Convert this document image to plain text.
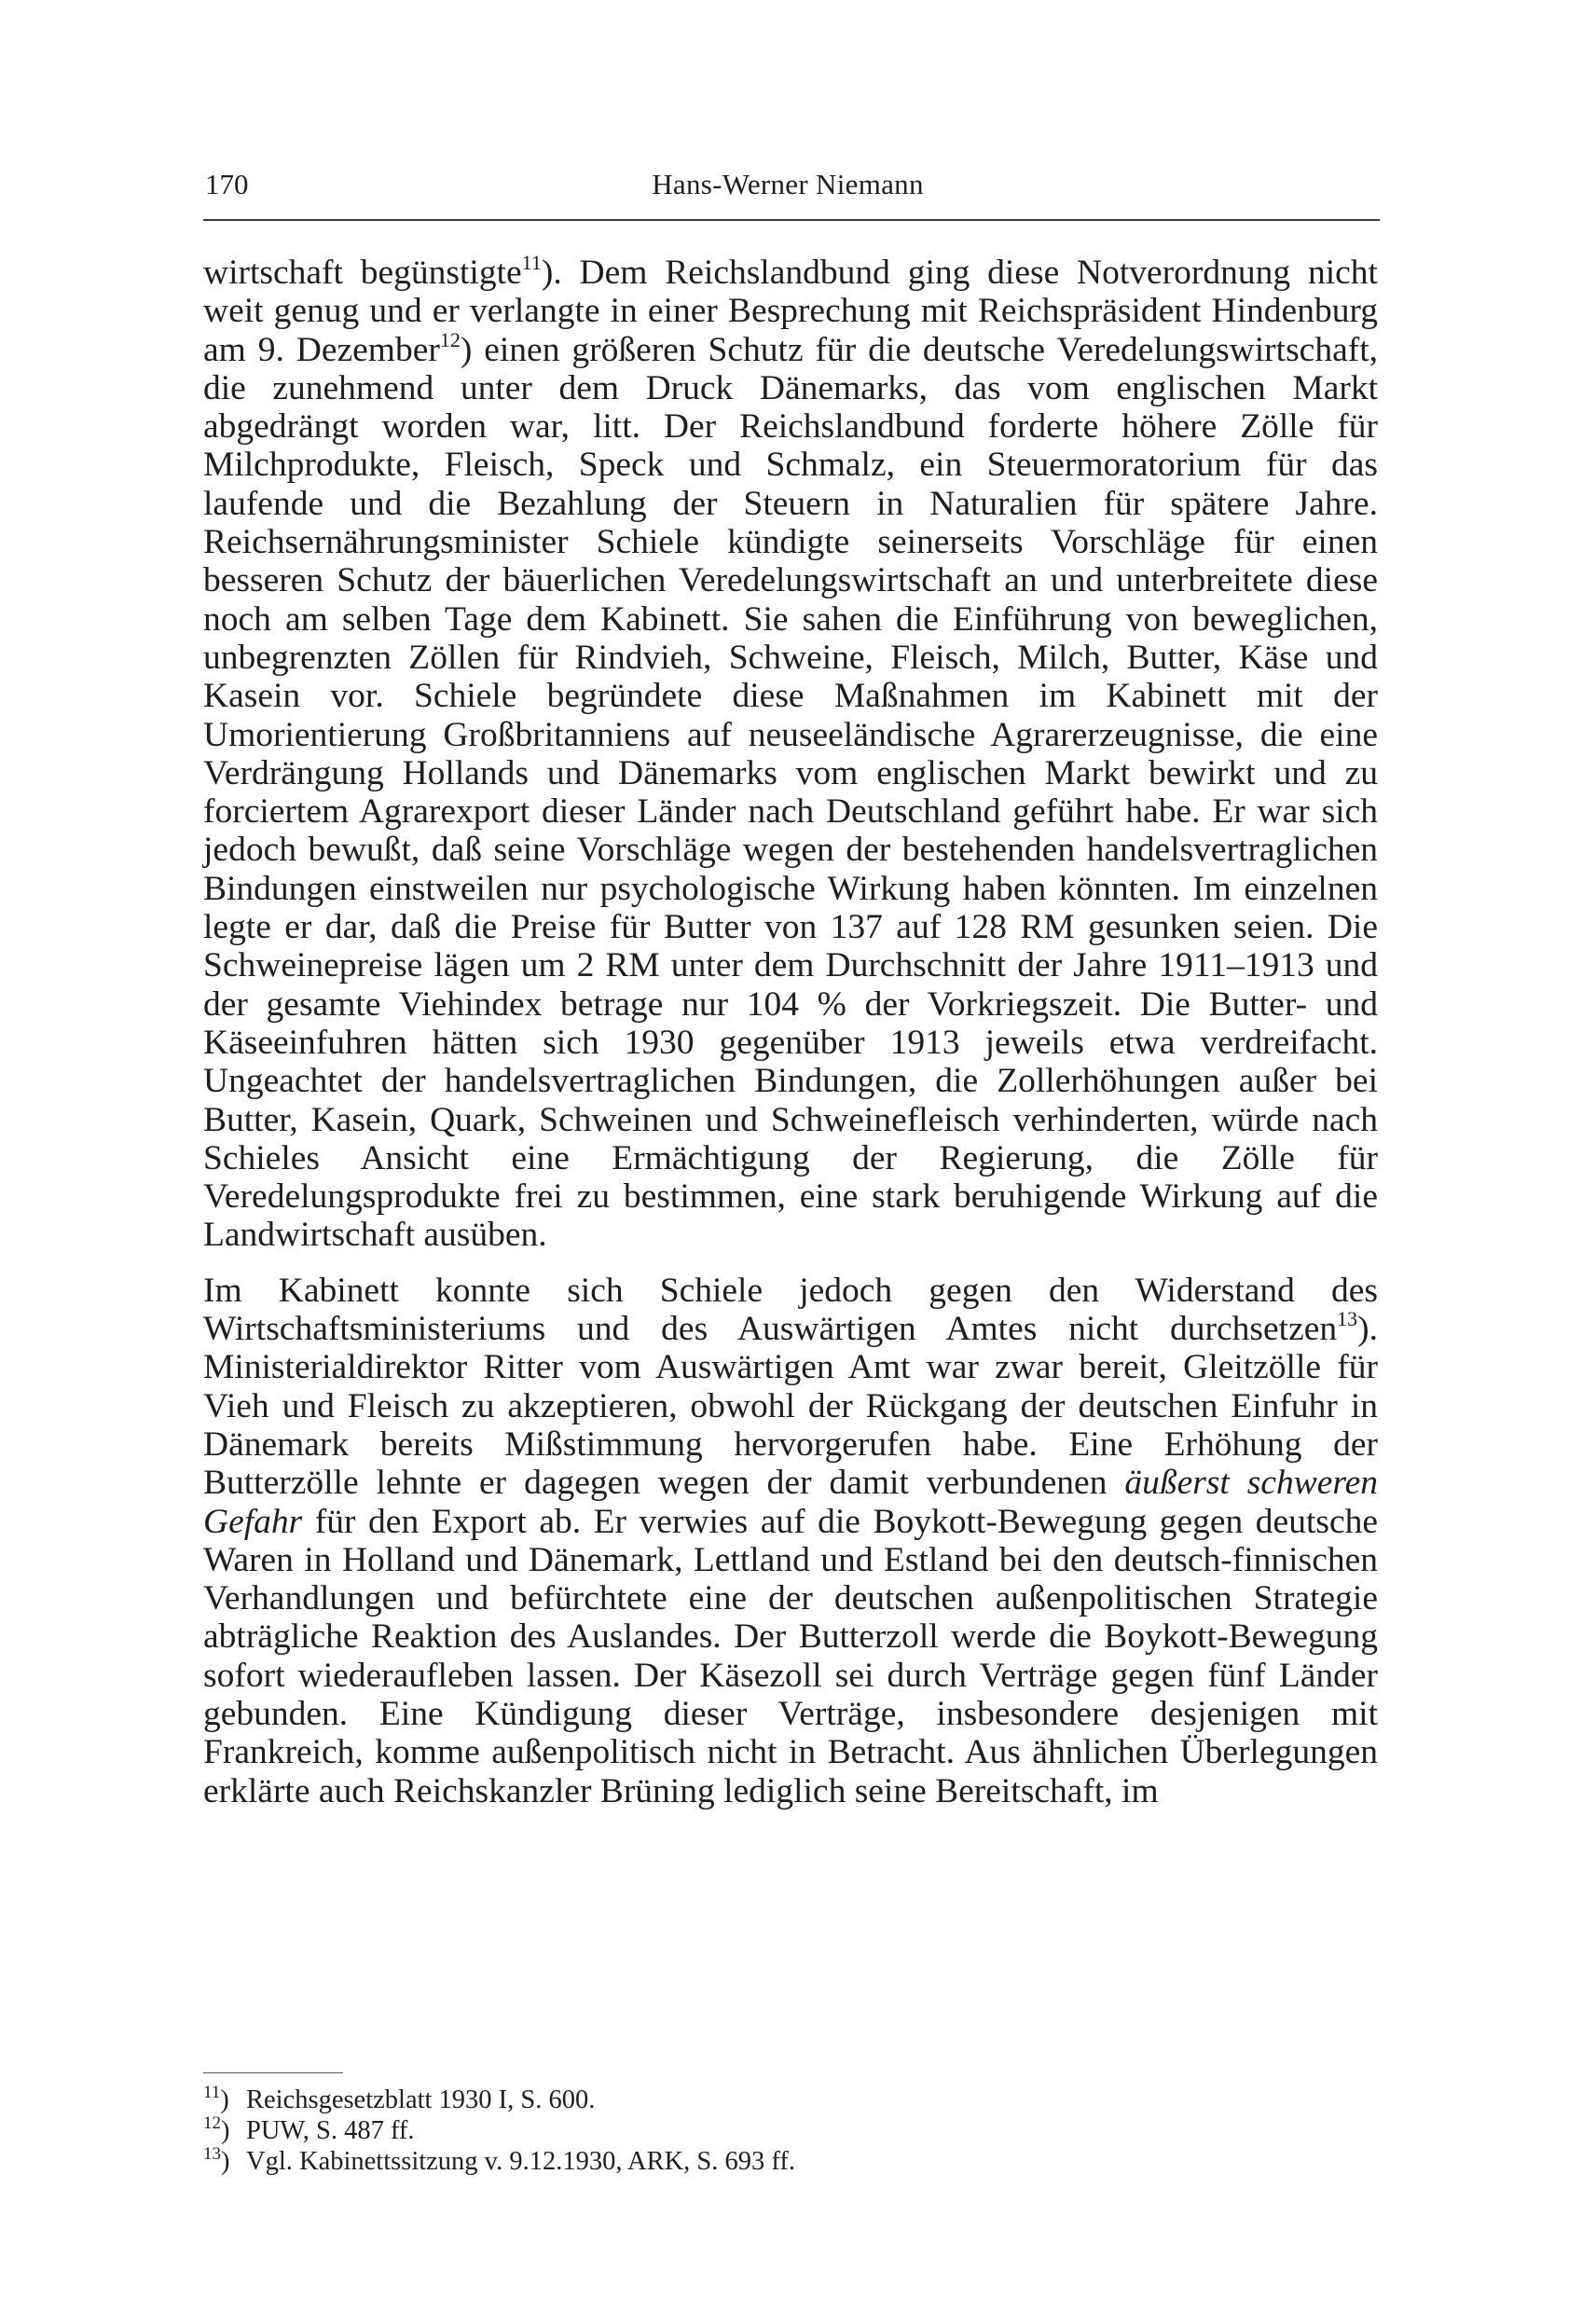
170	Hans-Werner Niemann

wirtschaft begünstigte$^{11}$). Dem Reichslandbund ging diese Notverordnung nicht weit genug und er verlangte in einer Besprechung mit Reichspräsident Hindenburg am 9. Dezember$^{12}$) einen größeren Schutz für die deutsche Veredelungswirtschaft, die zunehmend unter dem Druck Dänemarks, das vom englischen Markt abgedrängt worden war, litt. Der Reichslandbund forderte höhere Zölle für Milchprodukte, Fleisch, Speck und Schmalz, ein Steuermoratorium für das laufende und die Bezahlung der Steuern in Naturalien für spätere Jahre. Reichsernährungsminister Schiele kündigte seinerseits Vorschläge für einen besseren Schutz der bäuerlichen Veredelungswirtschaft an und unterbreitete diese noch am selben Tage dem Kabinett. Sie sahen die Einführung von beweglichen, unbegrenzten Zöllen für Rindvieh, Schweine, Fleisch, Milch, Butter, Käse und Kasein vor. Schiele begründete diese Maßnahmen im Kabinett mit der Umorientierung Großbritanniens auf neuseeländische Agrarerzeugnisse, die eine Verdrängung Hollands und Dänemarks vom englischen Markt bewirkt und zu forciertem Agrarexport dieser Länder nach Deutschland geführt habe. Er war sich jedoch bewußt, daß seine Vorschläge wegen der bestehenden handelsvertraglichen Bindungen einstweilen nur psychologische Wirkung haben könnten. Im einzelnen legte er dar, daß die Preise für Butter von 137 auf 128 RM gesunken seien. Die Schweinepreise lägen um 2 RM unter dem Durchschnitt der Jahre 1911–1913 und der gesamte Viehindex betrage nur 104 % der Vorkriegszeit. Die Butter- und Käseeinfuhren hätten sich 1930 gegenüber 1913 jeweils etwa verdreifacht. Ungeachtet der handelsvertraglichen Bindungen, die Zollerhöhungen außer bei Butter, Kasein, Quark, Schweinen und Schweinefleisch verhinderten, würde nach Schieles Ansicht eine Ermächtigung der Regierung, die Zölle für Veredelungsprodukte frei zu bestimmen, eine stark beruhigende Wirkung auf die Landwirtschaft ausüben.

Im Kabinett konnte sich Schiele jedoch gegen den Widerstand des Wirtschaftsministeriums und des Auswärtigen Amtes nicht durchsetzen$^{13}$). Ministerialdirektor Ritter vom Auswärtigen Amt war zwar bereit, Gleitzölle für Vieh und Fleisch zu akzeptieren, obwohl der Rückgang der deutschen Einfuhr in Dänemark bereits Mißstimmung hervorgerufen habe. Eine Erhöhung der Butterzölle lehnte er dagegen wegen der damit verbundenen äußerst schweren Gefahr für den Export ab. Er verwies auf die Boykott-Bewegung gegen deutsche Waren in Holland und Dänemark, Lettland und Estland bei den deutsch-finnischen Verhandlungen und befürchtete eine der deutschen außenpolitischen Strategie abträgliche Reaktion des Auslandes. Der Butterzoll werde die Boykott-Bewegung sofort wiederaufleben lassen. Der Käsezoll sei durch Verträge gegen fünf Länder gebunden. Eine Kündigung dieser Verträge, insbesondere desjenigen mit Frankreich, komme außenpolitisch nicht in Betracht. Aus ähnlichen Überlegungen erklärte auch Reichskanzler Brüning lediglich seine Bereitschaft, im

$^{11}$) Reichsgesetzblatt 1930 I, S. 600.
$^{12}$) PUW, S. 487 ff.
$^{13}$) Vgl. Kabinettssitzung v. 9.12.1930, ARK, S. 693 ff.
